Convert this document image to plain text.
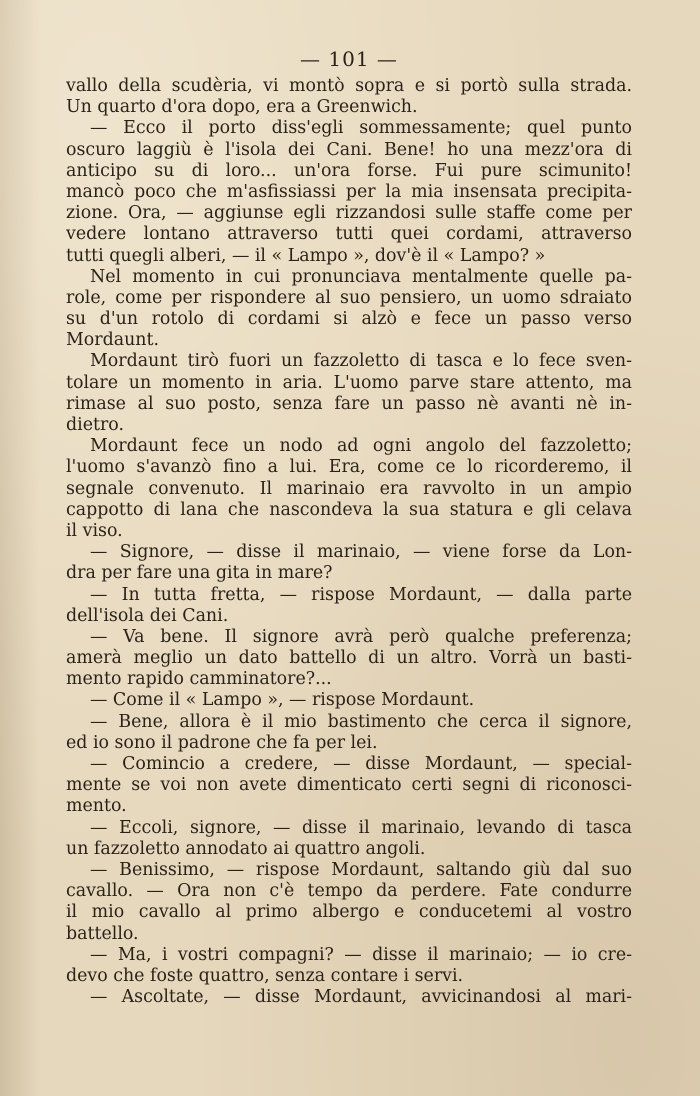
— 101 —
vallo della scudèria, vi montò sopra e si portò sulla strada.
Un quarto d'ora dopo, era a Greenwich.
— Ecco il porto diss'egli sommessamente; quel punto
oscuro laggiù è l'isola dei Cani. Bene! ho una mezz'ora di
anticipo su di loro... un'ora forse. Fui pure scimunito!
mancò poco che m'asfissiassi per la mia insensata precipita-
zione. Ora, — aggiunse egli rizzandosi sulle staffe come per
vedere lontano attraverso tutti quei cordami, attraverso
tutti quegli alberi, — il « Lampo », dov'è il « Lampo? »
Nel momento in cui pronunciava mentalmente quelle pa-
role, come per rispondere al suo pensiero, un uomo sdraiato
su d'un rotolo di cordami si alzò e fece un passo verso
Mordaunt.
Mordaunt tirò fuori un fazzoletto di tasca e lo fece sven-
tolare un momento in aria. L'uomo parve stare attento, ma
rimase al suo posto, senza fare un passo nè avanti nè in-
dietro.
Mordaunt fece un nodo ad ogni angolo del fazzoletto;
l'uomo s'avanzò fino a lui. Era, come ce lo ricorderemo, il
segnale convenuto. Il marinaio era ravvolto in un ampio
cappotto di lana che nascondeva la sua statura e gli celava
il viso.
— Signore, — disse il marinaio, — viene forse da Lon-
dra per fare una gita in mare?
— In tutta fretta, — rispose Mordaunt, — dalla parte
dell'isola dei Cani.
— Va bene. Il signore avrà però qualche preferenza;
amerà meglio un dato battello di un altro. Vorrà un basti-
mento rapido camminatore?...
— Come il « Lampo », — rispose Mordaunt.
— Bene, allora è il mio bastimento che cerca il signore,
ed io sono il padrone che fa per lei.
— Comincio a credere, — disse Mordaunt, — special-
mente se voi non avete dimenticato certi segni di riconosci-
mento.
— Eccoli, signore, — disse il marinaio, levando di tasca
un fazzoletto annodato ai quattro angoli.
— Benissimo, — rispose Mordaunt, saltando giù dal suo
cavallo. — Ora non c'è tempo da perdere. Fate condurre
il mio cavallo al primo albergo e conducetemi al vostro
battello.
— Ma, i vostri compagni? — disse il marinaio; — io cre-
devo che foste quattro, senza contare i servi.
— Ascoltate, — disse Mordaunt, avvicinandosi al mari-
